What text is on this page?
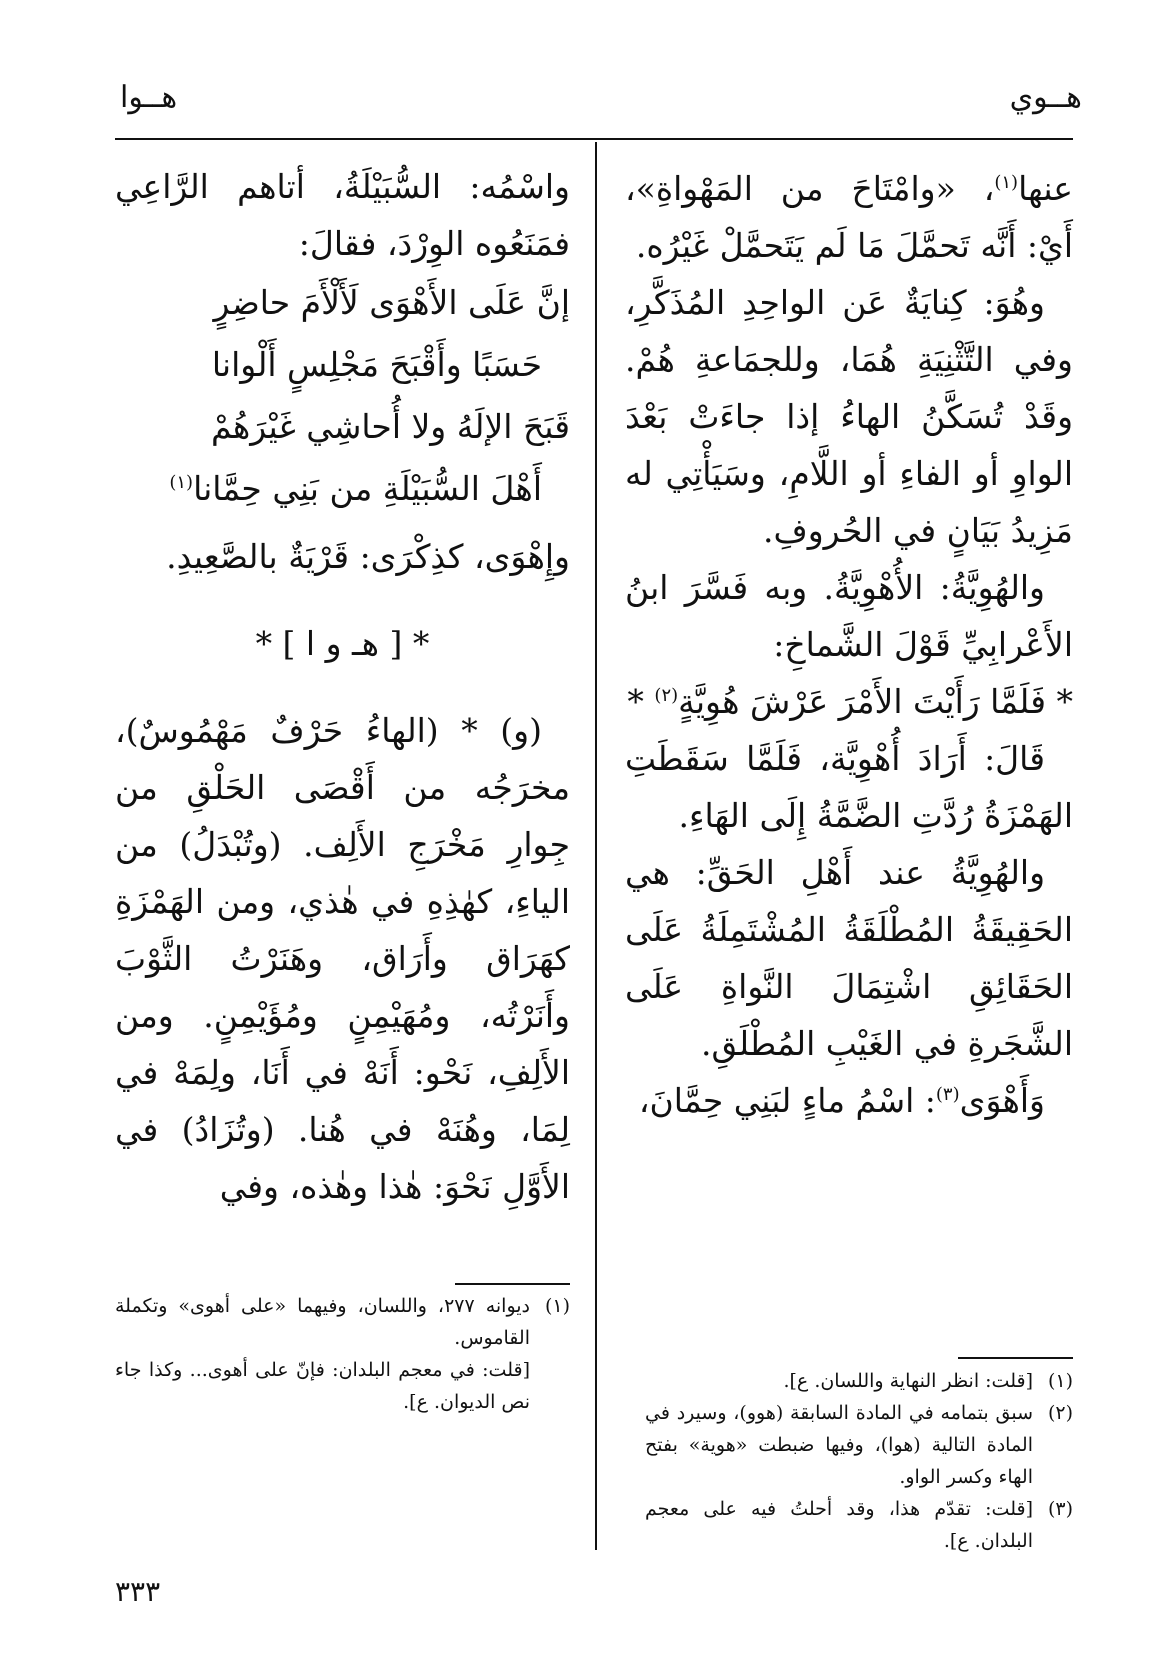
هــوي
هــوا

عنها$^{(١)}$، «وامْتَاحَ من المَهْواةِ»، أَيْ: أَنَّه تَحمَّلَ مَا لَم يَتَحمَّلْ غَيْرُه.

وهُوَ: كِنايَةٌ عَن الواحِدِ المُذَكَّرِ، وفي التَّثْنِيَةِ هُمَا، وللجمَاعةِ هُمْ. وقَدْ تُسَكَّنُ الهاءُ إذا جاءَتْ بَعْدَ الواوِ أو الفاءِ أو اللَّامِ، وسَيَأْتِي له مَزِيدُ بَيَانٍ في الحُروفِ.

والهُوِيَّةُ: الأُهْوِيَّةُ. وبه فَسَّرَ ابنُ الأَعْرابِيِّ قَوْلَ الشَّماخِ:

* فَلَمَّا رَأَيْتَ الأَمْرَ عَرْشَ هُوِيَّةٍ$^{(٢)}$ *

قَالَ: أَرَادَ أُهْوِيَّة، فَلَمَّا سَقَطَتِ الهَمْزَةُ رُدَّتِ الضَّمَّةُ إِلَى الهَاءِ.

والهُوِيَّةُ عند أَهْلِ الحَقِّ: هي الحَقِيقَةُ المُطْلَقَةُ المُشْتَمِلَةُ عَلَى الحَقَائِقِ اشْتِمَالَ النَّواةِ عَلَى الشَّجَرةِ في الغَيْبِ المُطْلَقِ.

وَأَهْوَى$^{(٣)}$: اسْمُ ماءٍ لبَنِي حِمَّانَ،

(١)
[قلت: انظر النهاية واللسان. ع].

(٢)
سبق بتمامه في المادة السابقة (هوو)، وسيرد في المادة التالية (هوا)، وفيها ضبطت «هوية» بفتح الهاء وكسر الواو.

(٣)
[قلت: تقدّم هذا، وقد أحلتُ فيه على معجم البلدان. ع].

واسْمُه: السُّبَيْلَةُ، أتاهم الرَّاعِي فمَنَعُوه الوِرْدَ، فقالَ:

إنَّ عَلَى الأَهْوَى لَأَلْأَمَ حاضِرٍ

حَسَبًا وأَقْبَحَ مَجْلِسٍ أَلْوانا

قَبَحَ الإلَهُ ولا أُحاشِي غَيْرَهُمْ

أَهْلَ السُّبَيْلَةِ من بَنِي حِمَّانا$^{(١)}$

وإِهْوَى، كذِكْرَى: قَرْيَةٌ بالصَّعِيدِ.

* [ هـ و ا ] *

(و) * (الهاءُ حَرْفٌ مَهْمُوسٌ)، مخرَجُه من أَقْصَى الحَلْقِ من جِوارِ مَخْرَجِ الأَلِف. (وتُبْدَلُ) من الياءِ، كهٰذِهِ في هٰذي، ومن الهَمْزَةِ كهَرَاق وأَرَاق، وهَنَرْتُ الثَّوْبَ وأَنَرْتُه، ومُهَيْمِنٍ ومُؤَيْمِنٍ. ومن الأَلِفِ، نَحْو: أَنَهْ في أَنَا، ولِمَهْ في لِمَا، وهُنَهْ في هُنا. (وتُزَادُ) في الأَوَّلِ نَحْوَ: هٰذا وهٰذه، وفي

(١)
ديوانه ٢٧٧، واللسان، وفيهما «على أهوى» وتكملة القاموس.

[قلت: في معجم البلدان: فإنّ على أهوى... وكذا جاء نص الديوان. ع].

٣٣٣
